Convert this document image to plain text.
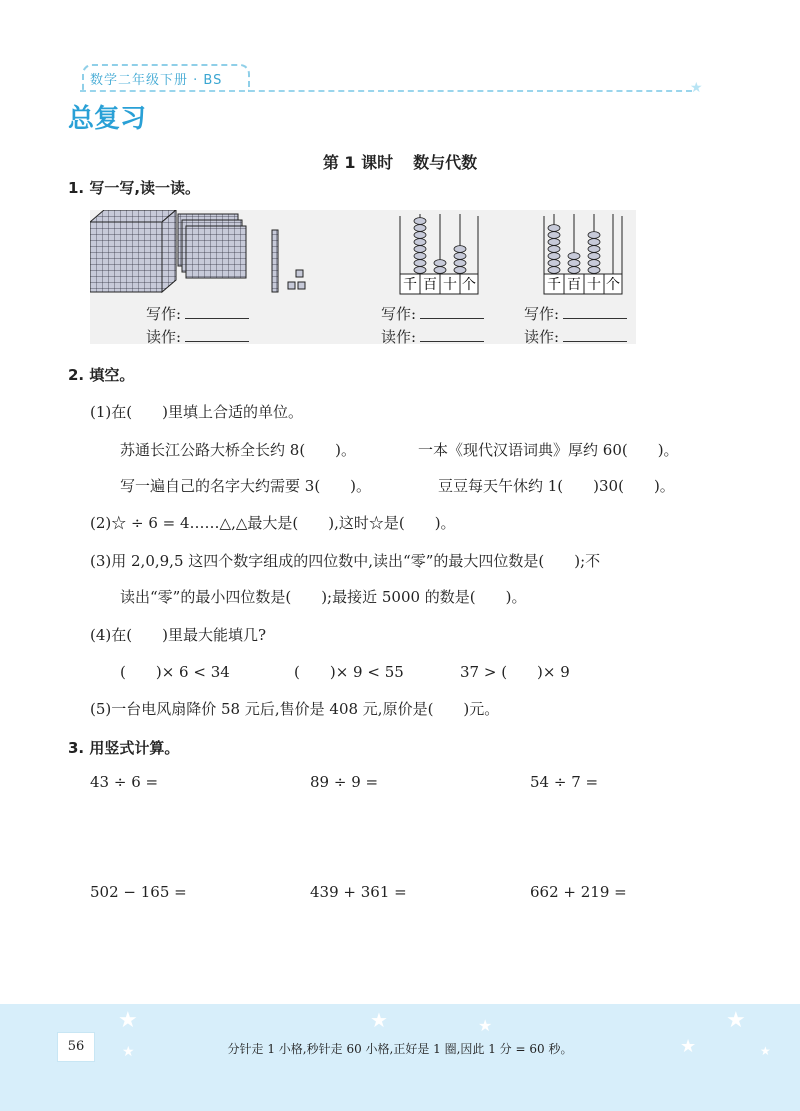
数学二年级下册 · BS	★
总复习
第 1 课时 数与代数
1. 写一写,读一读。
千 百 十 个	千 百 十 个
写作:
读作:
写作:
读作:
写作:
读作:
2. 填空。
(1)在(　　)里填上合适的单位。
苏通长江公路大桥全长约 8(　　)。	一本《现代汉语词典》厚约 60(　　)。
写一遍自己的名字大约需要 3(　　)。	豆豆每天午休约 1(　　)30(　　)。
(2)☆ ÷ 6 = 4……△,△最大是(　　),这时☆是(　　)。
(3)用 2,0,9,5 这四个数字组成的四位数中,读出“零”的最大四位数是(　　);不
读出“零”的最小四位数是(　　);最接近 5000 的数是(　　)。
(4)在(　　)里最大能填几?
(　　)× 6 < 34	(　　)× 9 < 55	37 > (　　)× 9
(5)一台电风扇降价 58 元后,售价是 408 元,原价是(　　)元。
3. 用竖式计算。
43 ÷ 6 =	89 ÷ 9 =	54 ÷ 7 =
502 − 165 =	439 + 361 =	662 + 219 =
★	★	★	★
★	★	★
56	分针走 1 小格,秒针走 60 小格,正好是 1 圈,因此 1 分 = 60 秒。
